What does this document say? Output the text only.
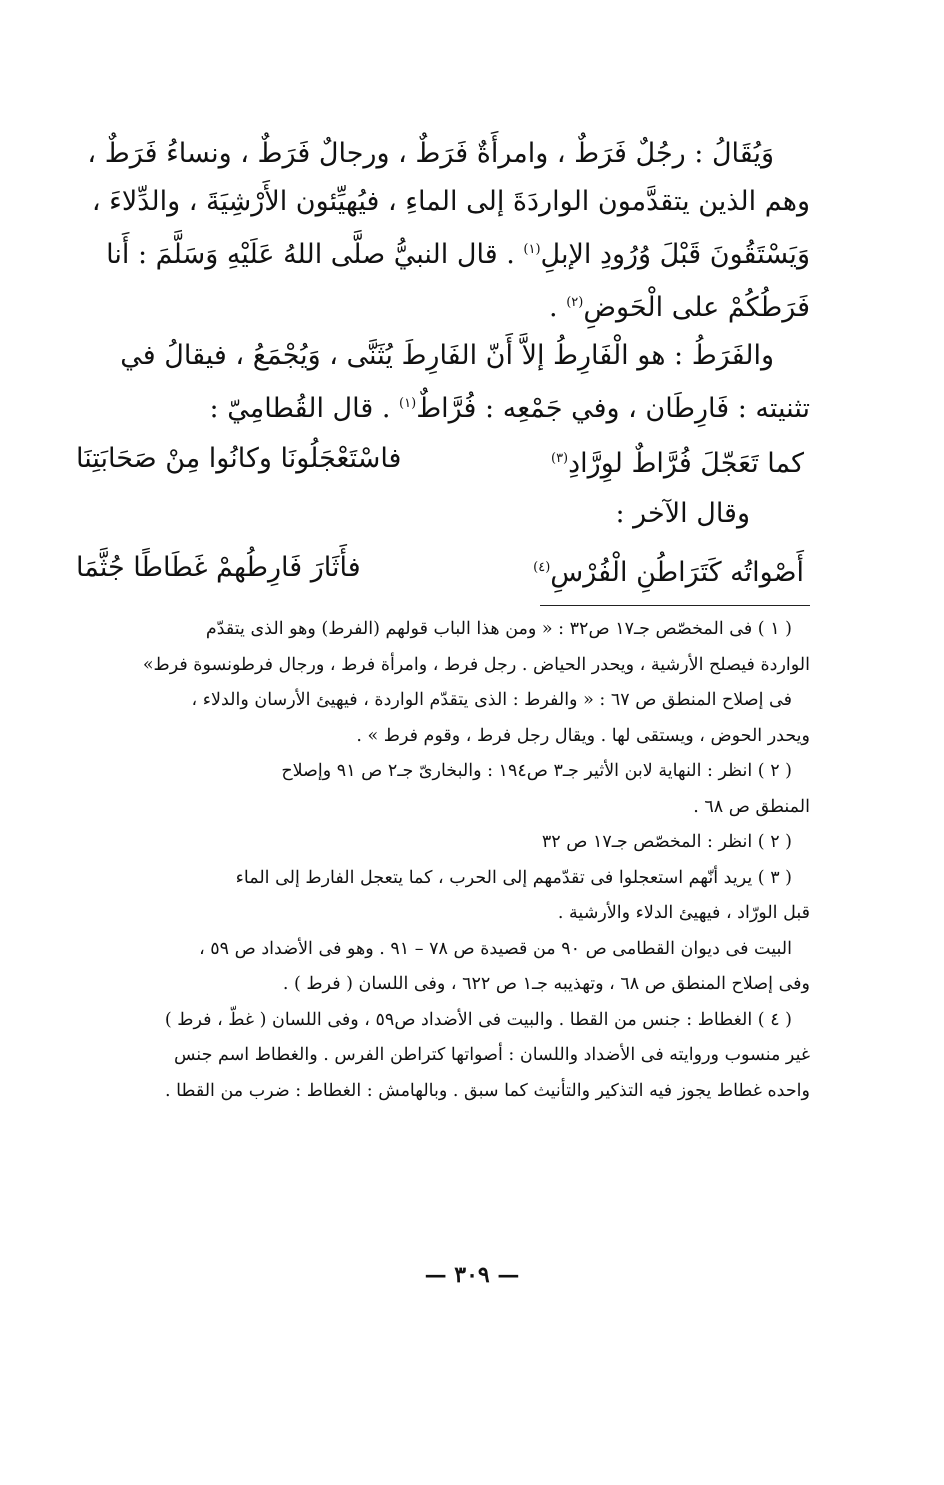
وَيُقَالُ : رجُلٌ فَرَطٌ ، وامرأَةٌ فَرَطٌ ، ورجالٌ فَرَطٌ ، ونساءُ فَرَطٌ ،
وهم الذين يتقدَّمون الواردَةَ إلى الماءِ ، فيُهيِّئون الأَرْشِيَةَ ، والدِّلاءَ ،
وَيَسْتَقُونَ قَبْلَ وُرُودِ الإبلِ$^{(١)}$ . قال النبيُّ صلَّى اللهُ عَلَيْهِ وَسَلَّمَ : أَنا
فَرَطُكُمْ على الْحَوضِ$^{(٢)}$ .
والفَرَطُ : هو الْفَارِطُ إلاَّ أَنّ الفَارِطَ يُثَنَّى ، وَيُجْمَعُ ، فيقالُ في
تثنيته : فَارِطَان ، وفي جَمْعِه : فُرَّاطٌ$^{(١)}$ . قال القُطامِيّ :
فاسْتَعْجَلُونَا وكانُوا مِنْ صَحَابَتِنَا	كما تَعَجّلَ فُرَّاطٌ لوِرَّادِ$^{(٣)}$
وقال الآخر :
فأَثَارَ فَارِطُهمْ غَطَاطًا جُثَّمَا	أَصْواتُه كَتَرَاطُنِ الْفُرْسِ$^{(٤)}$
( ١ ) فى المخصّص جـ١٧ ص٣٢ : « ومن هذا الباب قولهم (الفرط) وهو الذى يتقدّم
الواردة فيصلح الأرشية ، ويحدر الحياض . رجل فرط ، وامرأة فرط ، ورجال فرطونسوة فرط»
فى إصلاح المنطق ص ٦٧ : « والفرط : الذى يتقدّم الواردة ، فيهيئ الأرسان والدلاء ،
ويحدر الحوض ، ويستقى لها . ويقال رجل فرط ، وقوم فرط » .
( ٢ ) انظر : النهاية لابن الأثير جـ٣ ص١٩٤ : والبخارىّ جـ٢ ص ٩١ وإصلاح
المنطق ص ٦٨ .
( ٢ ) انظر : المخصّص جـ١٧ ص ٣٢
( ٣ ) يريد أنّهم استعجلوا فى تقدّمهم إلى الحرب ، كما يتعجل الفارط إلى الماء
قبل الورّاد ، فيهيئ الدلاء والأرشية .
البيت فى ديوان القطامى ص ٩٠ من قصيدة ص ٧٨ – ٩١ . وهو فى الأضداد ص ٥٩ ،
وفى إصلاح المنطق ص ٦٨ ، وتهذيبه جـ١ ص ٦٢٢ ، وفى اللسان ( فرط ) .
( ٤ ) الغطاط : جنس من القطا . والبيت فى الأضداد ص٥٩ ، وفى اللسان ( غطّ ، فرط )
غير منسوب وروايته فى الأضداد واللسان : أصواتها كتراطن الفرس . والغطاط اسم جنس
واحده غطاط يجوز فيه التذكير والتأنيث كما سبق . وبالهامش : الغطاط : ضرب من القطا .
— ٣٠٩ —
